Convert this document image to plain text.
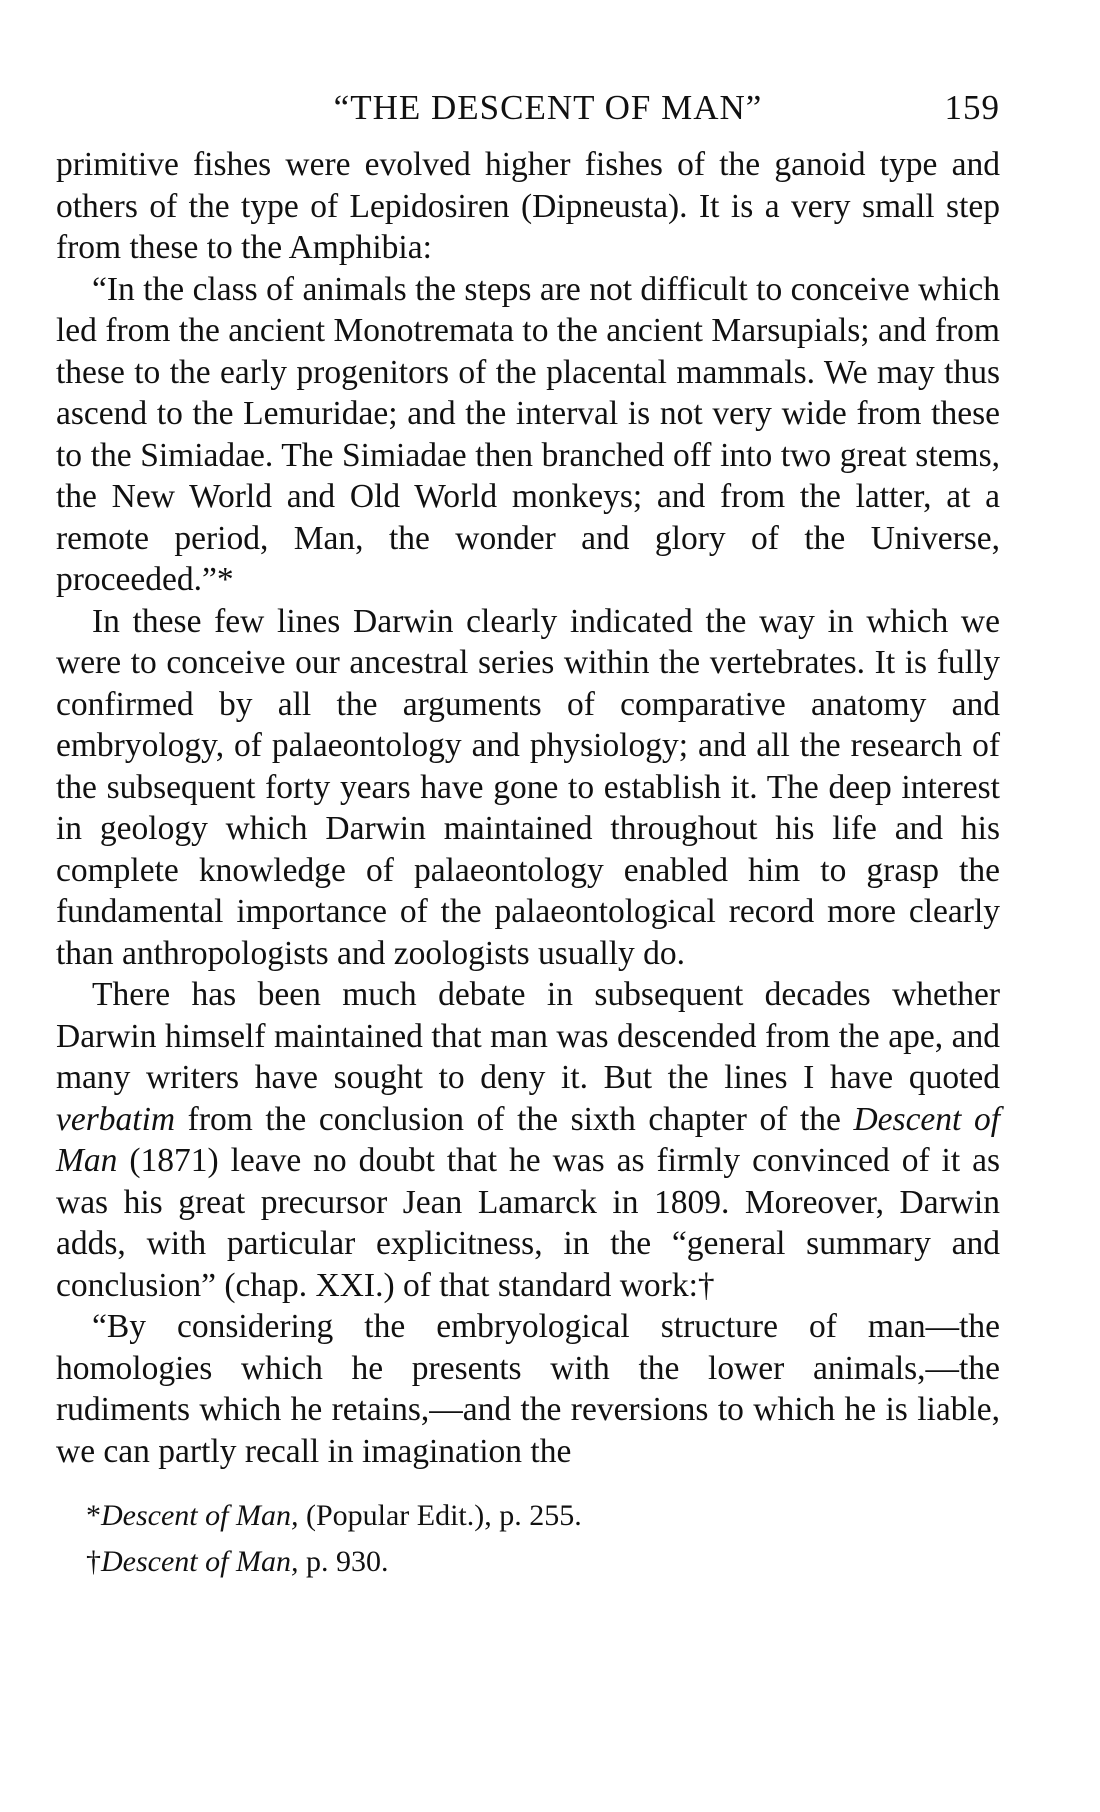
“THE DESCENT OF MAN”	159

primitive fishes were evolved higher fishes of the ganoid type and others of the type of Lepidosiren (Dipneusta). It is a very small step from these to the Amphibia:

“In the class of animals the steps are not difficult to conceive which led from the ancient Monotremata to the ancient Marsupials; and from these to the early progenitors of the placental mammals. We may thus ascend to the Lemuridae; and the interval is not very wide from these to the Simiadae. The Simiadae then branched off into two great stems, the New World and Old World monkeys; and from the latter, at a remote period, Man, the wonder and glory of the Universe, proceeded.”*

In these few lines Darwin clearly indicated the way in which we were to conceive our ancestral series within the vertebrates. It is fully confirmed by all the arguments of comparative anatomy and embryology, of palaeontology and physiology; and all the research of the subsequent forty years have gone to establish it. The deep interest in geology which Darwin maintained throughout his life and his complete knowledge of palaeontology enabled him to grasp the fundamental importance of the palaeontological record more clearly than anthropologists and zoologists usually do.

There has been much debate in subsequent decades whether Darwin himself maintained that man was descended from the ape, and many writers have sought to deny it. But the lines I have quoted verbatim from the conclusion of the sixth chapter of the Descent of Man (1871) leave no doubt that he was as firmly convinced of it as was his great precursor Jean Lamarck in 1809. Moreover, Darwin adds, with particular explicitness, in the “general summary and conclusion” (chap. XXI.) of that standard work:†

“By considering the embryological structure of man—the homologies which he presents with the lower animals,—the rudiments which he retains,—and the reversions to which he is liable, we can partly recall in imagination the

*Descent of Man, (Popular Edit.), p. 255.

†Descent of Man, p. 930.
